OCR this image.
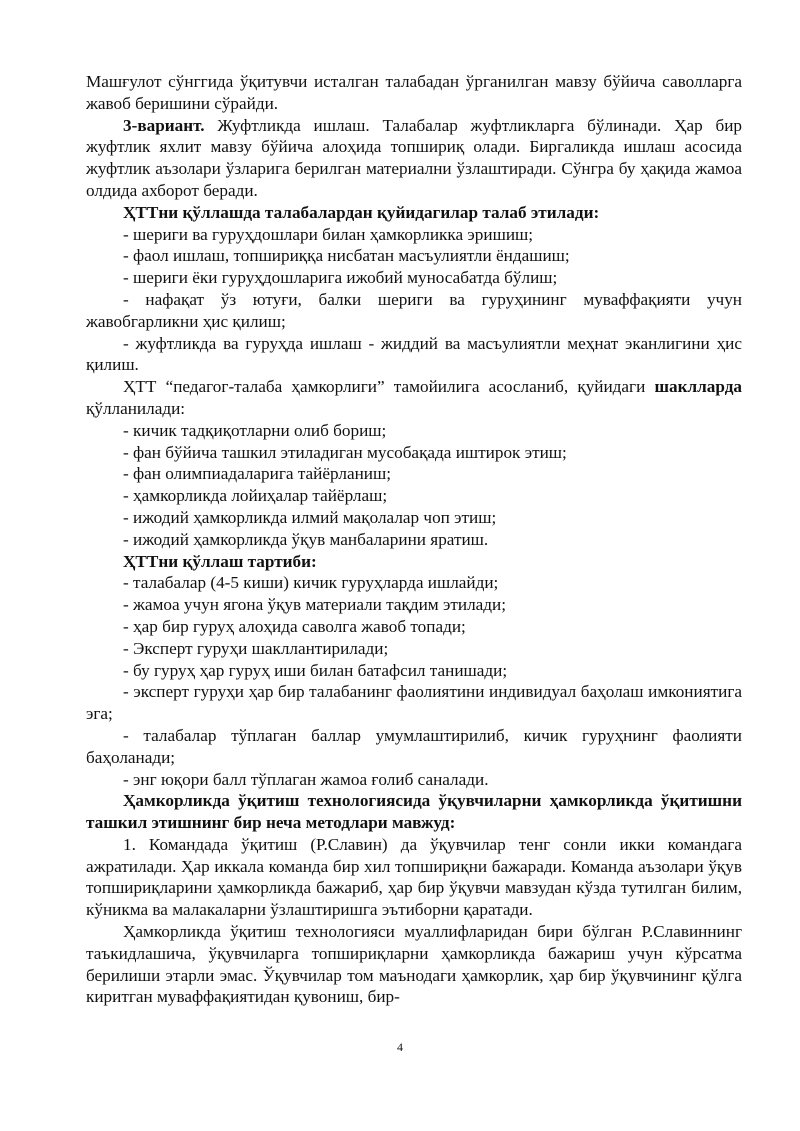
Машғулот сўнггида ўқитувчи исталган талабадан ўрганилган мавзу бўйича саволларга жавоб беришини сўрайди.

3-вариант. Жуфтликда ишлаш. Талабалар жуфтликларга бўлинади. Ҳар бир жуфтлик яхлит мавзу бўйича алоҳида топшириқ олади. Биргаликда ишлаш асосида жуфтлик аъзолари ўзларига берилган материални ўзлаштиради. Сўнгра бу ҳақида жамоа олдида ахборот беради.

ҲТТни қўллашда талабалардан қуйидагилар талаб этилади:

- шериги ва гуруҳдошлари билан ҳамкорликка эришиш;

- фаол ишлаш, топшириққа нисбатан масъулиятли ёндашиш;

- шериги ёки гуруҳдошларига ижобий муносабатда бўлиш;

- нафақат ўз ютуғи, балки шериги ва гуруҳининг муваффақияти учун жавобгарликни ҳис қилиш;

- жуфтликда ва гуруҳда ишлаш - жиддий ва масъулиятли меҳнат эканлигини ҳис қилиш.

ҲТТ “педагог-талаба ҳамкорлиги” тамойилига асосланиб, қуйидаги шаклларда қўлланилади:

- кичик тадқиқотларни олиб бориш;

- фан бўйича ташкил этиладиган мусобақада иштирок этиш;

- фан олимпиадаларига тайёрланиш;

- ҳамкорликда лойиҳалар тайёрлаш;

- ижодий ҳамкорликда илмий мақолалар чоп этиш;

- ижодий ҳамкорликда ўқув манбаларини яратиш.

ҲТТни қўллаш тартиби:

- талабалар (4-5 киши) кичик гуруҳларда ишлайди;

- жамоа учун ягона ўқув материали тақдим этилади;

- ҳар бир гуруҳ алоҳида саволга жавоб топади;

- Эксперт гуруҳи шакллантирилади;

- бу гуруҳ ҳар гуруҳ иши билан батафсил танишади;

- эксперт гуруҳи ҳар бир талабанинг фаолиятини индивидуал баҳолаш имкониятига эга;

- талабалар тўплаган баллар умумлаштирилиб, кичик гуруҳнинг фаолияти баҳоланади;

- энг юқори балл тўплаган жамоа ғолиб саналади.

Ҳамкорликда ўқитиш технологиясида ўқувчиларни ҳамкорликда ўқитишни ташкил этишнинг бир неча методлари мавжуд:

1. Командада ўқитиш (Р.Славин) да ўқувчилар тенг сонли икки командага ажратилади. Ҳар иккала команда бир хил топшириқни бажаради. Команда аъзолари ўқув топшириқларини ҳамкорликда бажариб, ҳар бир ўқувчи мавзудан кўзда тутилган билим, кўникма ва малакаларни ўзлаштиришга эътиборни қаратади.

Ҳамкорликда ўқитиш технологияси муаллифларидан бири бўлган Р.Славиннинг таъкидлашича, ўқувчиларга топшириқларни ҳамкорликда бажариш учун кўрсатма берилиши этарли эмас. Ўқувчилар том маънодаги ҳамкорлик, ҳар бир ўқувчининг қўлга киритган муваффақиятидан қувониш, бир-

4
